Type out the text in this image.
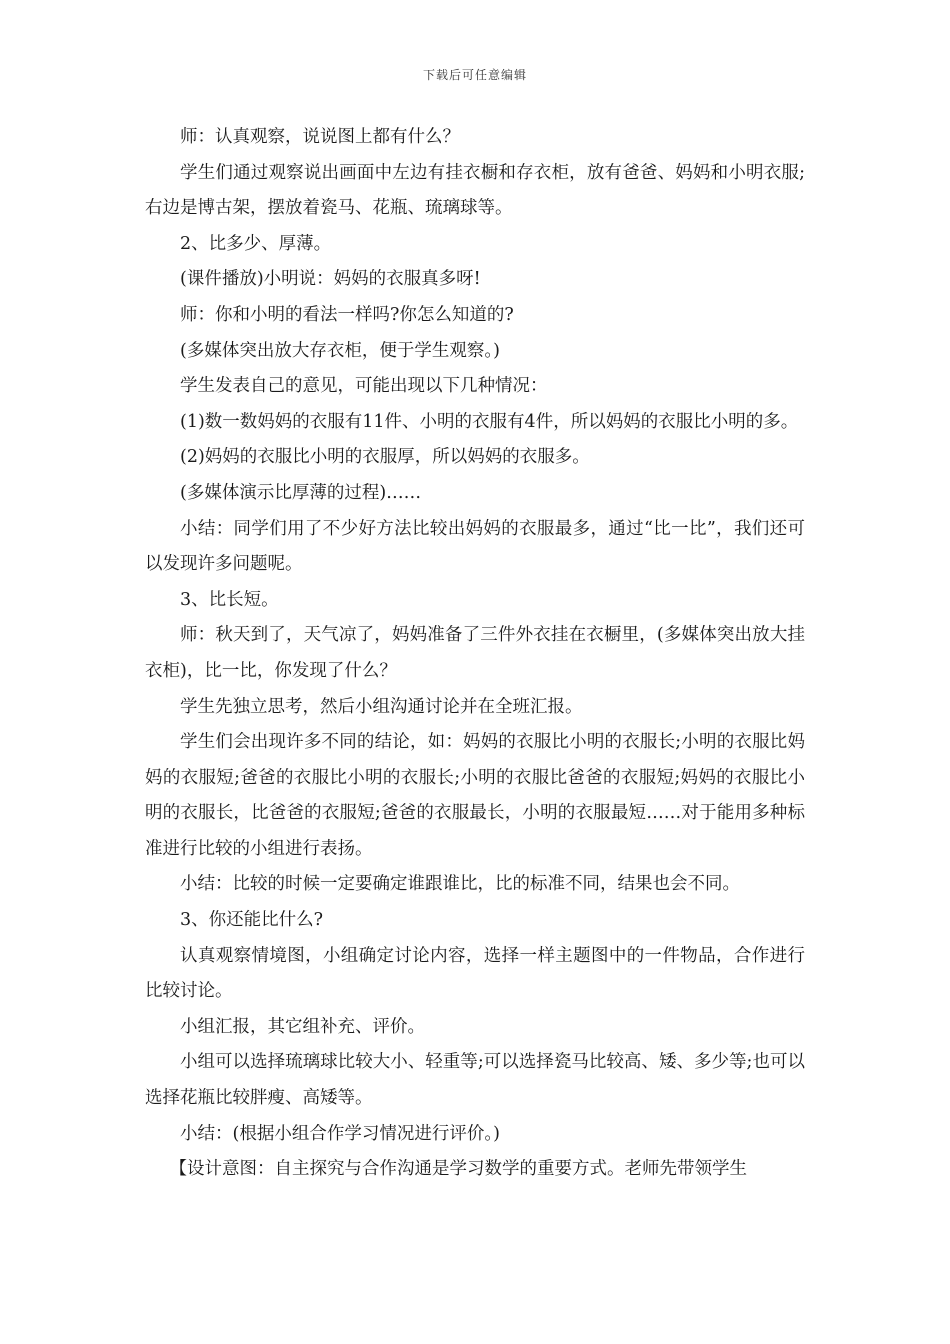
下载后可任意编辑

师：认真观察，说说图上都有什么？

学生们通过观察说出画面中左边有挂衣橱和存衣柜，放有爸爸、妈妈和小明衣服;右边是博古架，摆放着瓷马、花瓶、琉璃球等。

2、比多少、厚薄。

(课件播放)小明说：妈妈的衣服真多呀!

师：你和小明的看法一样吗?你怎么知道的?

(多媒体突出放大存衣柜，便于学生观察。)

学生发表自己的意见，可能出现以下几种情况：

(1)数一数妈妈的衣服有11件、小明的衣服有4件，所以妈妈的衣服比小明的多。

(2)妈妈的衣服比小明的衣服厚，所以妈妈的衣服多。

(多媒体演示比厚薄的过程)……

小结：同学们用了不少好方法比较出妈妈的衣服最多，通过“比一比”，我们还可以发现许多问题呢。

3、比长短。

师：秋天到了，天气凉了，妈妈准备了三件外衣挂在衣橱里，(多媒体突出放大挂衣柜)，比一比，你发现了什么？

学生先独立思考，然后小组沟通讨论并在全班汇报。

学生们会出现许多不同的结论，如：妈妈的衣服比小明的衣服长;小明的衣服比妈妈的衣服短;爸爸的衣服比小明的衣服长;小明的衣服比爸爸的衣服短;妈妈的衣服比小明的衣服长，比爸爸的衣服短;爸爸的衣服最长，小明的衣服最短……对于能用多种标准进行比较的小组进行表扬。

小结：比较的时候一定要确定谁跟谁比，比的标准不同，结果也会不同。

3、你还能比什么?

认真观察情境图，小组确定讨论内容，选择一样主题图中的一件物品，合作进行比较讨论。

小组汇报，其它组补充、评价。

小组可以选择琉璃球比较大小、轻重等;可以选择瓷马比较高、矮、多少等;也可以选择花瓶比较胖瘦、高矮等。

小结：(根据小组合作学习情况进行评价。)

【设计意图：自主探究与合作沟通是学习数学的重要方式。老师先带领学生
